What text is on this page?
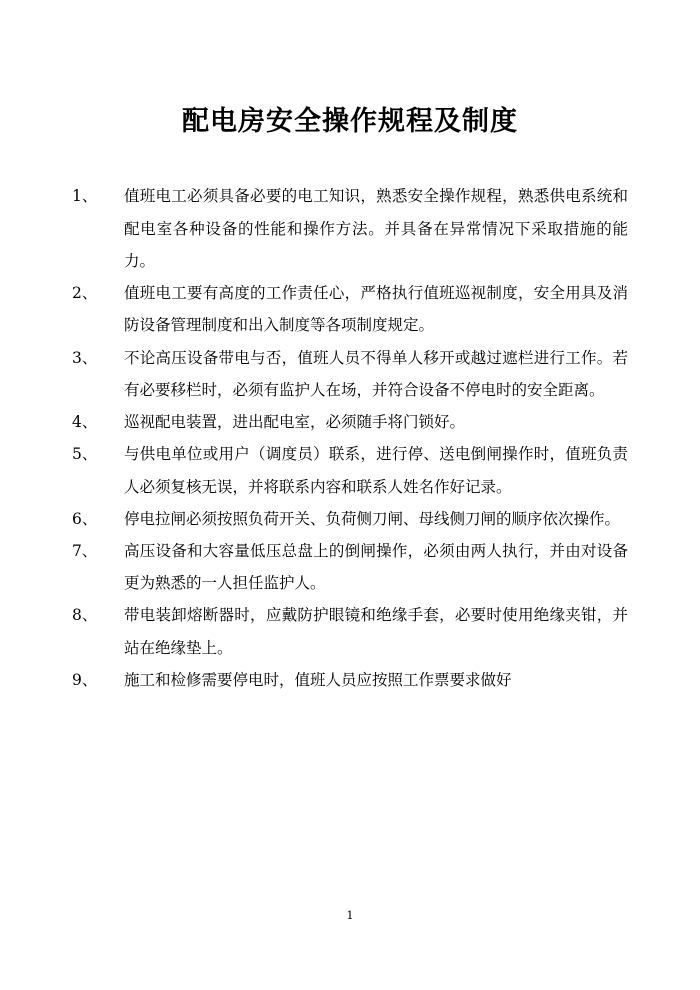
配电房安全操作规程及制度
1、	值班电工必须具备必要的电工知识，熟悉安全操作规程，熟悉供电系统和配电室各种设备的性能和操作方法。并具备在异常情况下采取措施的能力。
2、	值班电工要有高度的工作责任心，严格执行值班巡视制度，安全用具及消防设备管理制度和出入制度等各项制度规定。
3、	不论高压设备带电与否，值班人员不得单人移开或越过遮栏进行工作。若有必要移栏时，必须有监护人在场，并符合设备不停电时的安全距离。
4、	巡视配电装置，进出配电室，必须随手将门锁好。
5、	与供电单位或用户（调度员）联系，进行停、送电倒闸操作时，值班负责人必须复核无误，并将联系内容和联系人姓名作好记录。
6、	停电拉闸必须按照负荷开关、负荷侧刀闸、母线侧刀闸的顺序依次操作。
7、	高压设备和大容量低压总盘上的倒闸操作，必须由两人执行，并由对设备更为熟悉的一人担任监护人。
8、	带电装卸熔断器时，应戴防护眼镜和绝缘手套，必要时使用绝缘夹钳，并站在绝缘垫上。
9、	施工和检修需要停电时，值班人员应按照工作票要求做好
1
